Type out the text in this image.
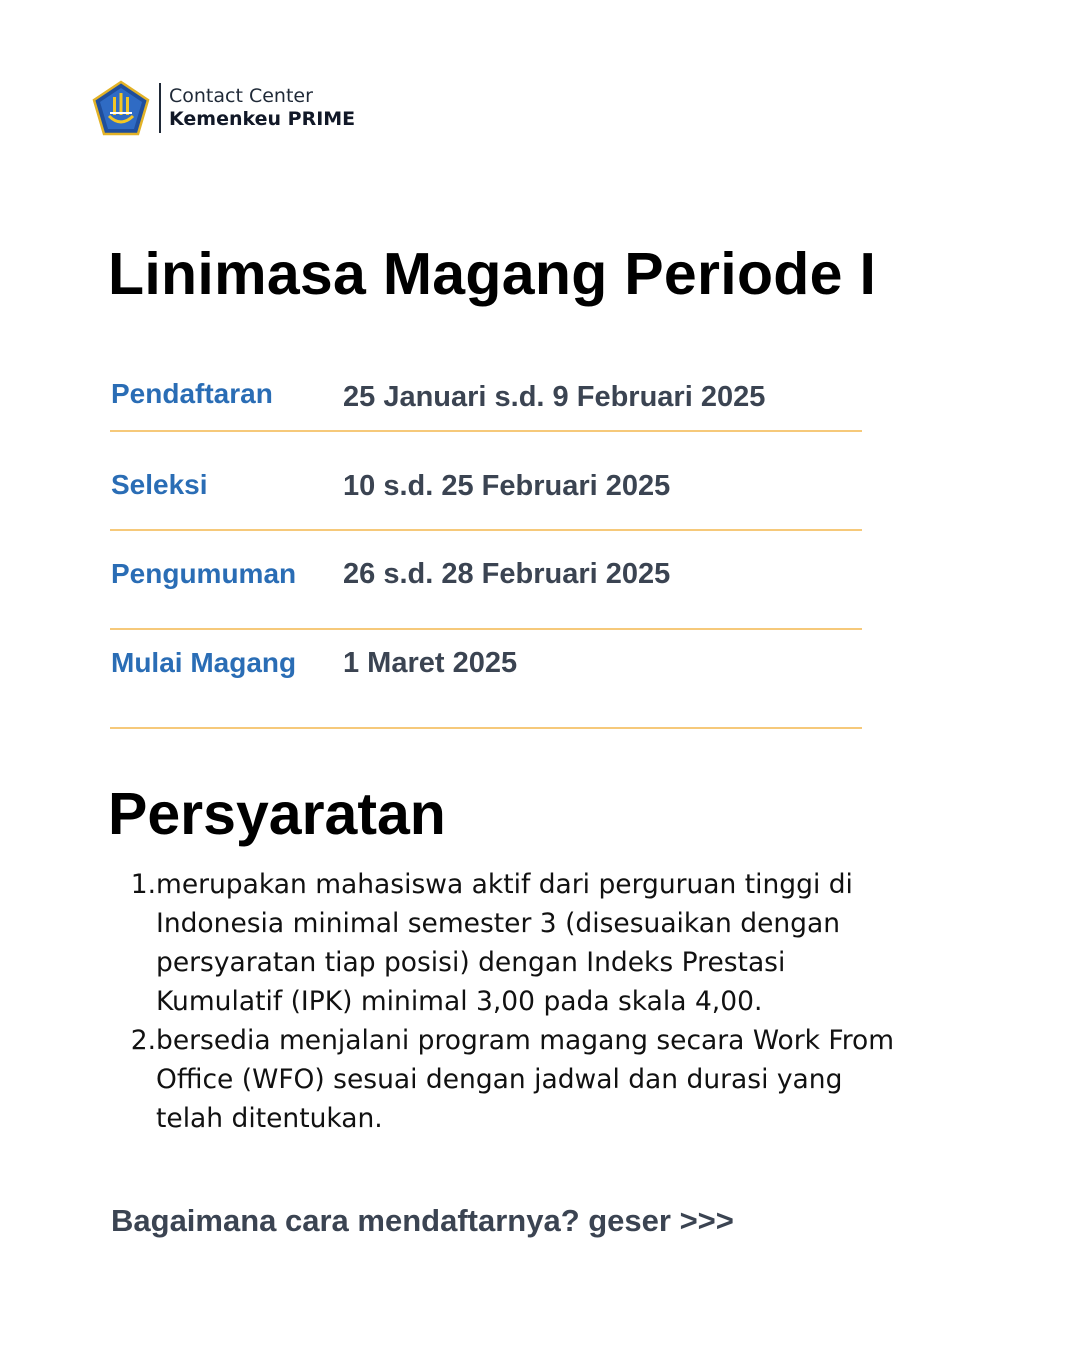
Contact Center
Kemenkeu PRIME
Linimasa Magang Periode I
Pendaftaran 25 Januari s.d. 9 Februari 2025
Seleksi	10 s.d. 25 Februari 2025
Pengumuman 26 s.d. 28 Februari 2025
Mulai Magang 1 Maret 2025
Persyaratan
1. merupakan mahasiswa aktif dari perguruan tinggi di Indonesia minimal semester 3 (disesuaikan dengan persyaratan tiap posisi) dengan Indeks Prestasi Kumulatif (IPK) minimal 3,00 pada skala 4,00.
2. bersedia menjalani program magang secara Work From Office (WFO) sesuai dengan jadwal dan durasi yang telah ditentukan.

Bagaimana cara mendaftarnya? geser >>>
